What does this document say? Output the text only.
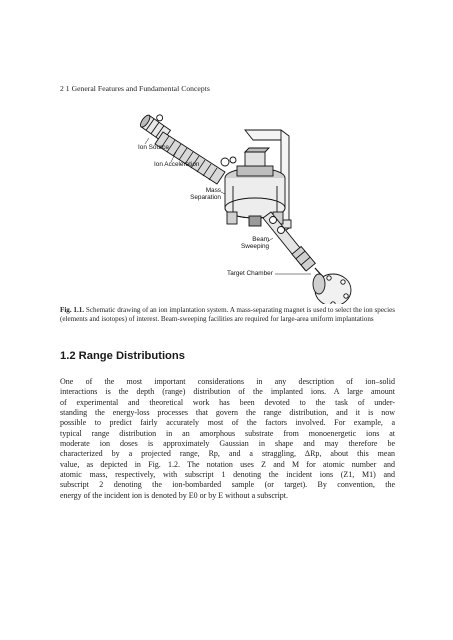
2 1 General Features and Fundamental Concepts
Ion Source
Ion Acceleration
Mass
Separation
Beam
Sweeping
Target Chamber
Fig. 1.1. Schematic drawing of an ion implantation system. A mass-separating magnet is used to select the ion species (elements and isotopes) of interest. Beam-sweeping facilities are required for large-area uniform implantations
1.2 Range Distributions
One of the most important considerations in any description of ion–solid
interactions is the depth (range) distribution of the implanted ions. A large amount
of experimental and theoretical work has been devoted to the task of under-
standing the energy-loss processes that govern the range distribution, and it is now
possible to predict fairly accurately most of the factors involved. For example, a
typical range distribution in an amorphous substrate from monoenergetic ions at
moderate ion doses is approximately Gaussian in shape and may therefore be
characterized by a projected range, Rp, and a straggling, ΔRp, about this mean
value, as depicted in Fig. 1.2. The notation uses Z and M for atomic number and
atomic mass, respectively, with subscript 1 denoting the incident ions (Z1, M1) and
subscript 2 denoting the ion-bombarded sample (or target). By convention, the
energy of the incident ion is denoted by E0 or by E without a subscript.
